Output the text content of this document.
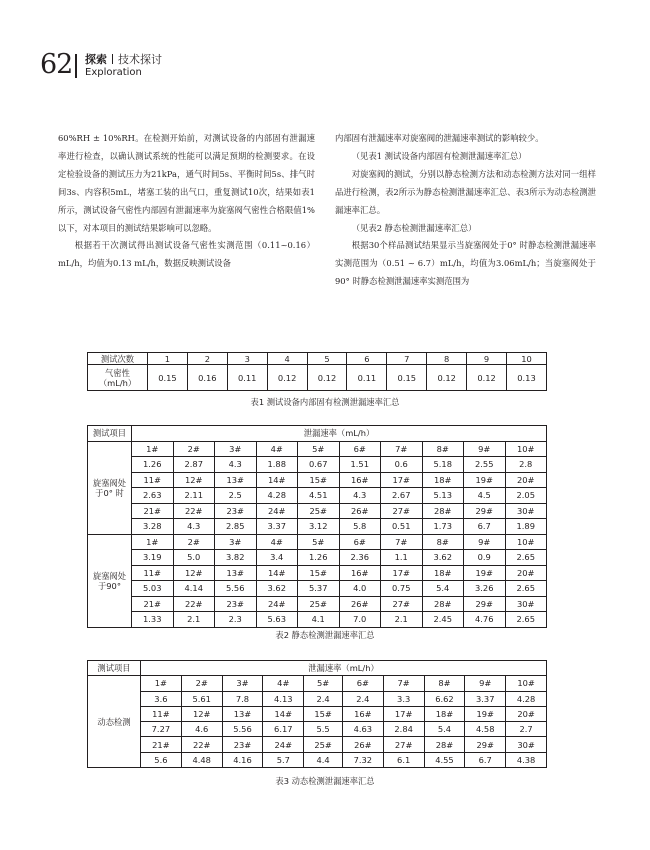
62 探索 技术探讨
Exploration

60%RH ± 10%RH。在检测开始前，对测试设备的内部固有泄漏速率进行检查，以确认测试系统的性能可以满足预期的检测要求。在设定检验设备的测试压力为21kPa，通气时间5s、平衡时间5s、排气时间3s、内容积5mL，堵塞工装的出气口，重复测试10次，结果如表1所示，测试设备气密性内部固有泄漏速率为旋塞阀气密性合格限值1%以下，对本项目的测试结果影响可以忽略。

根据若干次测试得出测试设备气密性实测范围（0.11~0.16）mL/h，均值为0.13 mL/h，数据反映测试设备

内部固有泄漏速率对旋塞阀的泄漏速率测试的影响较少。

（见表1 测试设备内部固有检测泄漏速率汇总）

对旋塞阀的测试，分别以静态检测方法和动态检测方法对同一组样品进行检测，表2所示为静态检测泄漏速率汇总、表3所示为动态检测泄漏速率汇总。

（见表2 静态检测泄漏速率汇总）

根据30个样品测试结果显示当旋塞阀处于0° 时静态检测泄漏速率实测范围为（0.51 ~ 6.7）mL/h，均值为3.06mL/h；当旋塞阀处于90° 时静态检测泄漏速率实测范围为

测试次数	1	2	3	4	5	6	7	8	9	10
气密性
（mL/h）	0.15	0.16	0.11	0.12	0.12	0.11	0.15	0.12	0.12	0.13
表1 测试设备内部固有检测泄漏速率汇总
测试项目	泄漏速率（mL/h）									
旋塞阀处
于0° 时	1#	2#	3#	4#	5#	6#	7#	8#	9#	10#
	1.26	2.87	4.3	1.88	0.67	1.51	0.6	5.18	2.55	2.8
	11#	12#	13#	14#	15#	16#	17#	18#	19#	20#
	2.63	2.11	2.5	4.28	4.51	4.3	2.67	5.13	4.5	2.05
	21#	22#	23#	24#	25#	26#	27#	28#	29#	30#
	3.28	4.3	2.85	3.37	3.12	5.8	0.51	1.73	6.7	1.89
旋塞阀处
于90°	1#	2#	3#	4#	5#	6#	7#	8#	9#	10#
	3.19	5.0	3.82	3.4	1.26	2.36	1.1	3.62	0.9	2.65
	11#	12#	13#	14#	15#	16#	17#	18#	19#	20#
	5.03	4.14	5.56	3.62	5.37	4.0	0.75	5.4	3.26	2.65
	21#	22#	23#	24#	25#	26#	27#	28#	29#	30#
	1.33	2.1	2.3	5.63	4.1	7.0	2.1	2.45	4.76	2.65
表2 静态检测泄漏速率汇总
测试项目	泄漏速率（mL/h）									
动态检测	1#	2#	3#	4#	5#	6#	7#	8#	9#	10#
	3.6	5.61	7.8	4.13	2.4	2.4	3.3	6.62	3.37	4.28
	11#	12#	13#	14#	15#	16#	17#	18#	19#	20#
	7.27	4.6	5.56	6.17	5.5	4.63	2.84	5.4	4.58	2.7
	21#	22#	23#	24#	25#	26#	27#	28#	29#	30#
	5.6	4.48	4.16	5.7	4.4	7.32	6.1	4.55	6.7	4.38
表3 动态检测泄漏速率汇总
